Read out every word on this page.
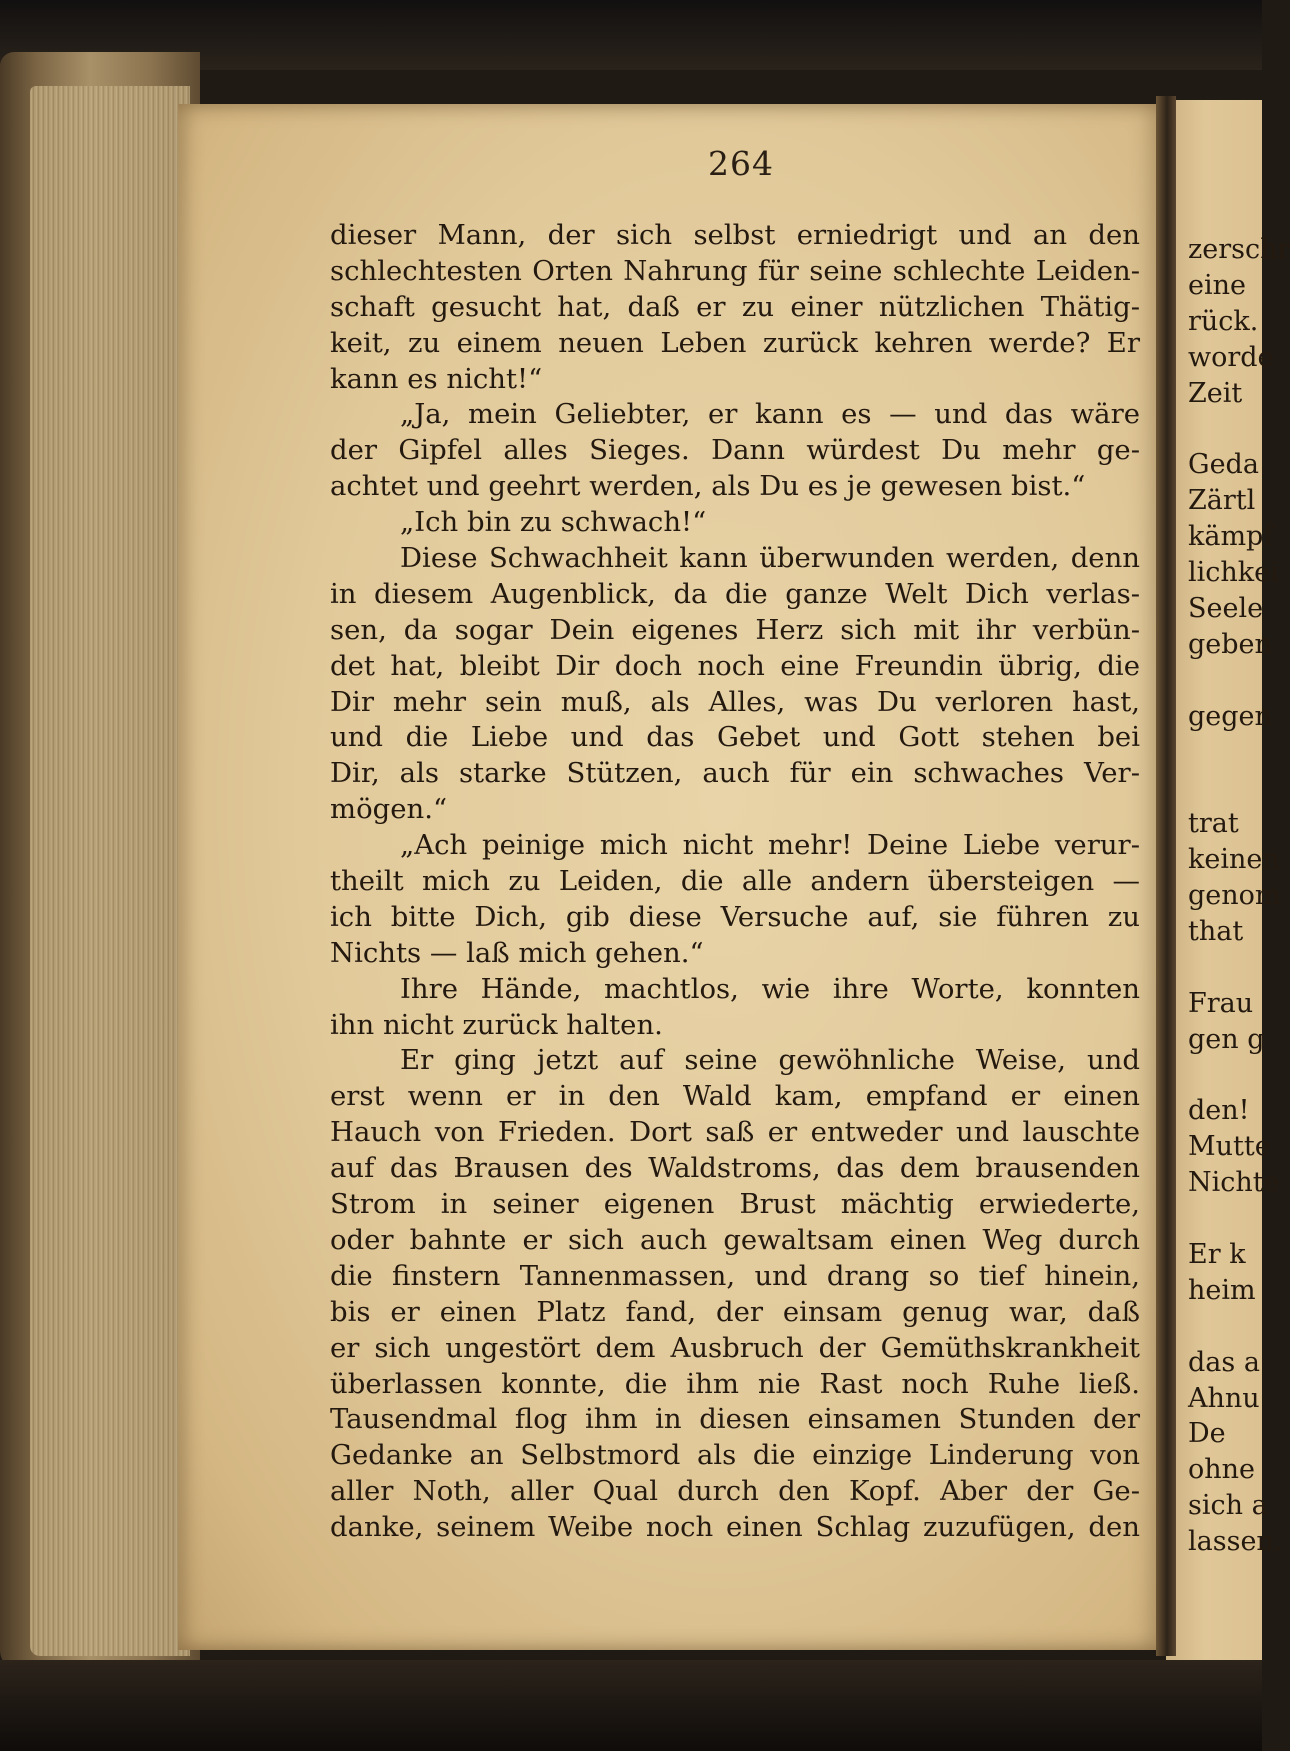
264
dieser Mann, der sich selbst erniedrigt und an den
schlechtesten Orten Nahrung für seine schlechte Leiden-
schaft gesucht hat, daß er zu einer nützlichen Thätig-
keit, zu einem neuen Leben zurück kehren werde? Er
kann es nicht!“
„Ja, mein Geliebter, er kann es — und das wäre
der Gipfel alles Sieges. Dann würdest Du mehr ge-
achtet und geehrt werden, als Du es je gewesen bist.“
„Ich bin zu schwach!“
Diese Schwachheit kann überwunden werden, denn
in diesem Augenblick, da die ganze Welt Dich verlas-
sen, da sogar Dein eigenes Herz sich mit ihr verbün-
det hat, bleibt Dir doch noch eine Freundin übrig, die
Dir mehr sein muß, als Alles, was Du verloren hast,
und die Liebe und das Gebet und Gott stehen bei
Dir, als starke Stützen, auch für ein schwaches Ver-
mögen.“
„Ach peinige mich nicht mehr! Deine Liebe verur-
theilt mich zu Leiden, die alle andern übersteigen —
ich bitte Dich, gib diese Versuche auf, sie führen zu
Nichts — laß mich gehen.“
Ihre Hände, machtlos, wie ihre Worte, konnten
ihn nicht zurück halten.
Er ging jetzt auf seine gewöhnliche Weise, und
erst wenn er in den Wald kam, empfand er einen
Hauch von Frieden. Dort saß er entweder und lauschte
auf das Brausen des Waldstroms, das dem brausenden
Strom in seiner eigenen Brust mächtig erwiederte,
oder bahnte er sich auch gewaltsam einen Weg durch
die finstern Tannenmassen, und drang so tief hinein,
bis er einen Platz fand, der einsam genug war, daß
er sich ungestört dem Ausbruch der Gemüthskrankheit
überlassen konnte, die ihm nie Rast noch Ruhe ließ.
Tausendmal flog ihm in diesen einsamen Stunden der
Gedanke an Selbstmord als die einzige Linderung von
aller Noth, aller Qual durch den Kopf. Aber der Ge-
danke, seinem Weibe noch einen Schlag zuzufügen, den
zerschr
eine
rück.
worde
Zeit
Geda
Zärtl
kämpf
lichkei
Seele
geben
gegen
trat
keinen
genom
that
Frau
gen g
den!
Mutte
Nichte
Er k
heim
das a
Ahnu
De
ohne
sich a
lassen.
